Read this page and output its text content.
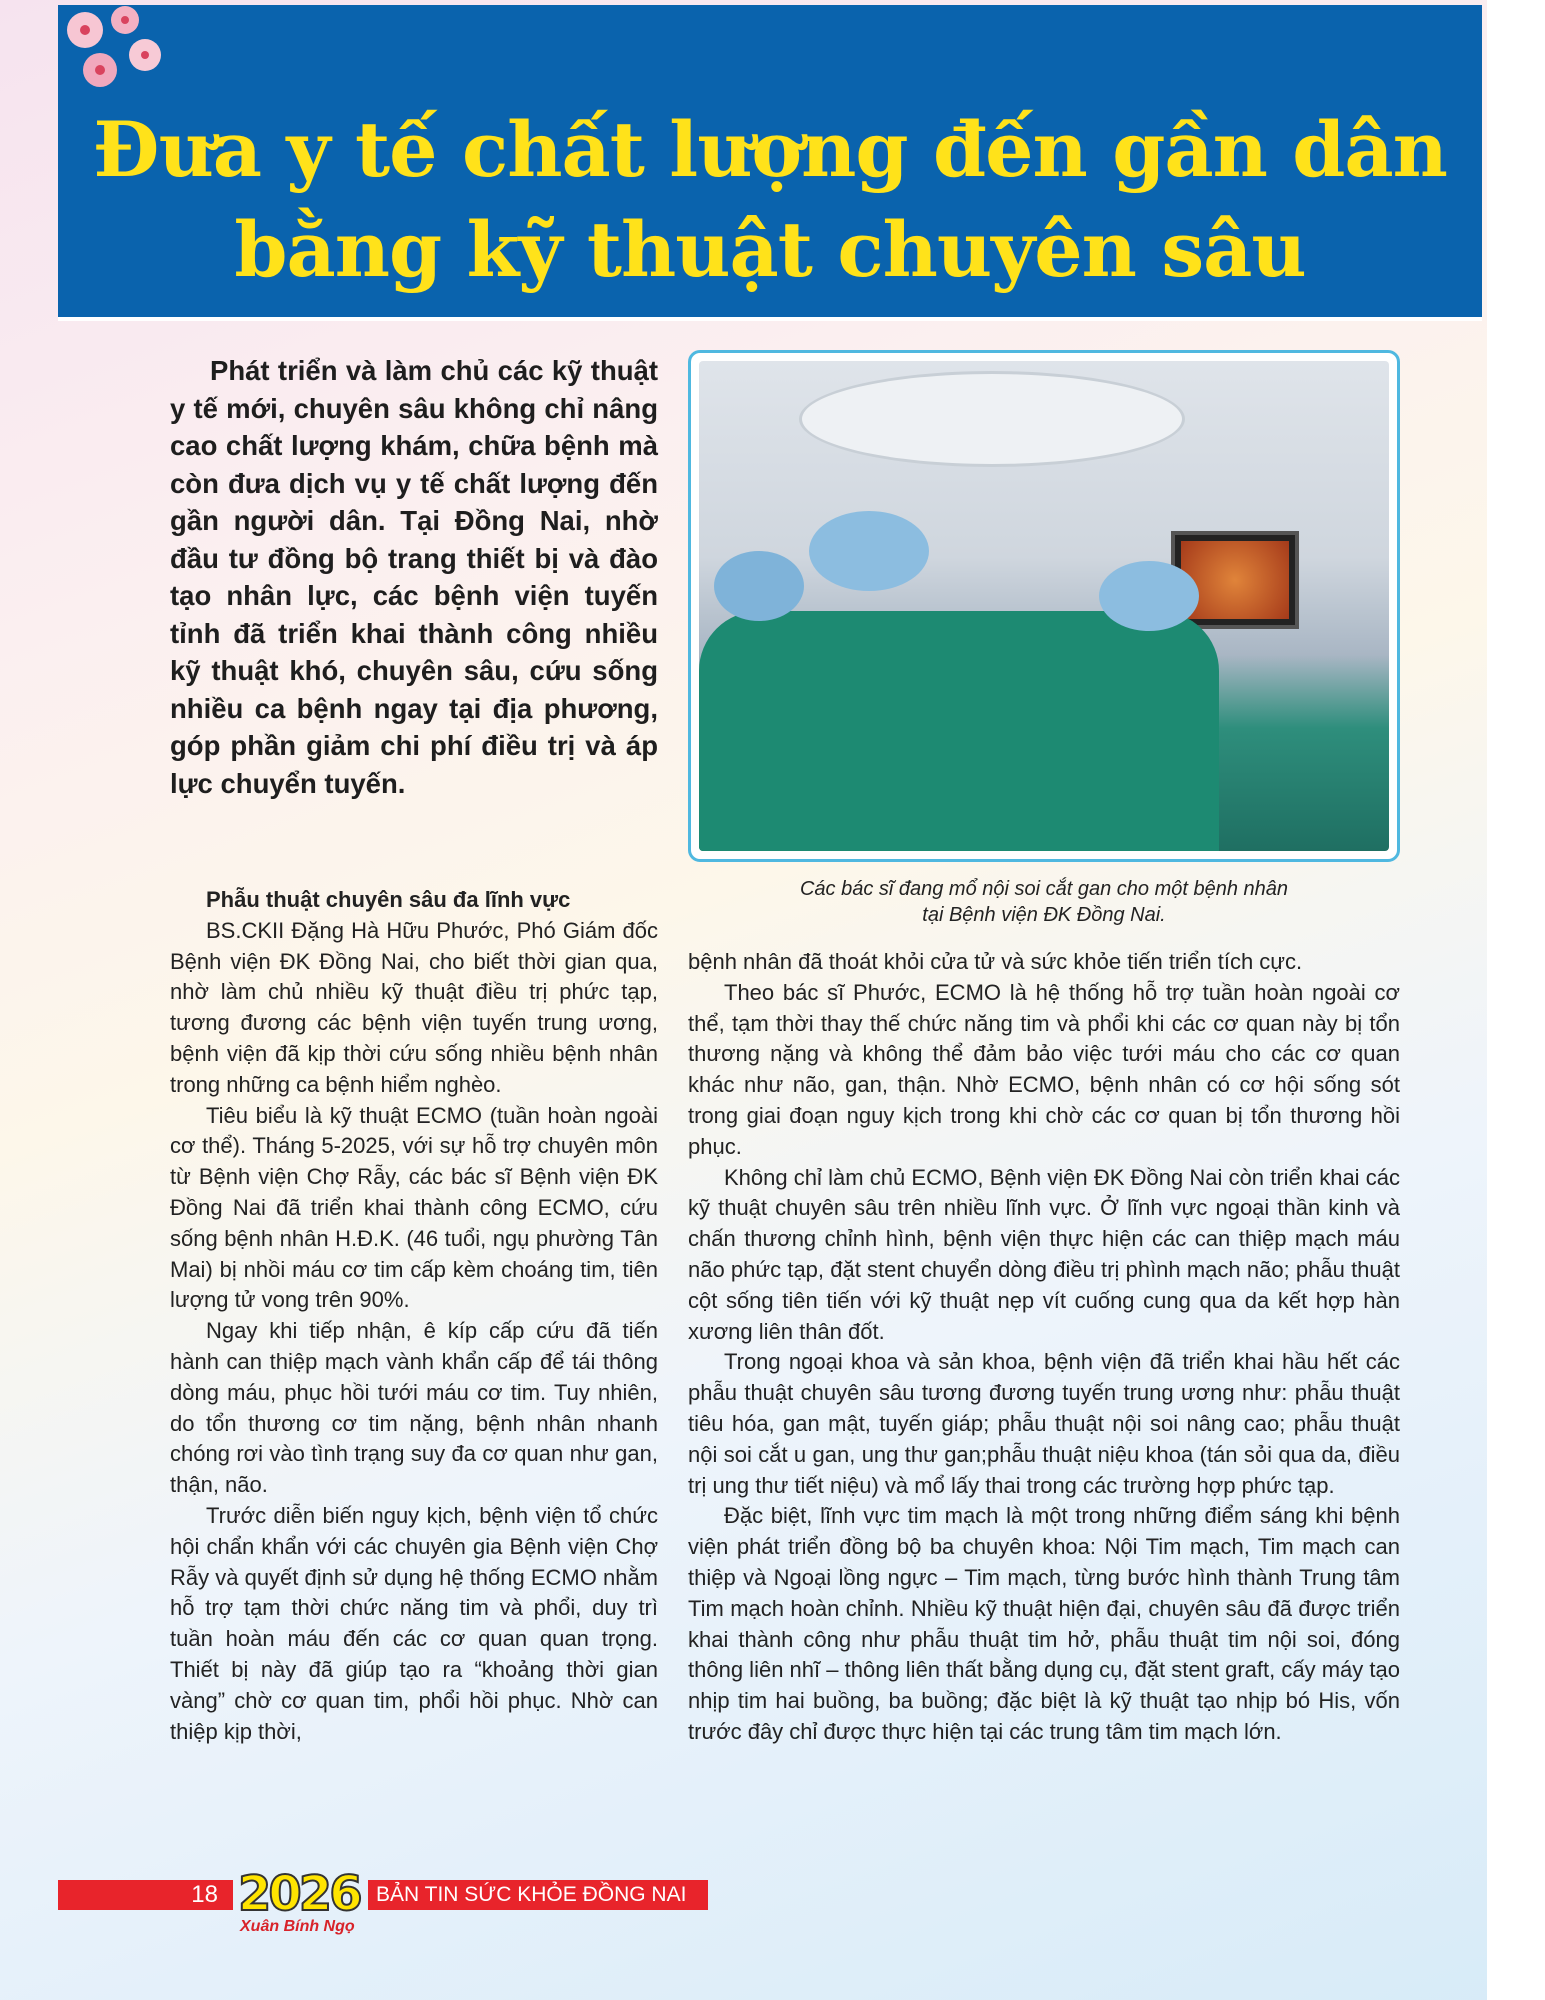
Đưa y tế chất lượng đến gần dân
bằng kỹ thuật chuyên sâu

Phát triển và làm chủ các kỹ thuật y tế mới, chuyên sâu không chỉ nâng cao chất lượng khám, chữa bệnh mà còn đưa dịch vụ y tế chất lượng đến gần người dân. Tại Đồng Nai, nhờ đầu tư đồng bộ trang thiết bị và đào tạo nhân lực, các bệnh viện tuyến tỉnh đã triển khai thành công nhiều kỹ thuật khó, chuyên sâu, cứu sống nhiều ca bệnh ngay tại địa phương, góp phần giảm chi phí điều trị và áp lực chuyển tuyến.

Các bác sĩ đang mổ nội soi cắt gan cho một bệnh nhân
tại Bệnh viện ĐK Đồng Nai.
Phẫu thuật chuyên sâu đa lĩnh vực

BS.CKII Đặng Hà Hữu Phước, Phó Giám đốc Bệnh viện ĐK Đồng Nai, cho biết thời gian qua, nhờ làm chủ nhiều kỹ thuật điều trị phức tạp, tương đương các bệnh viện tuyến trung ương, bệnh viện đã kịp thời cứu sống nhiều bệnh nhân trong những ca bệnh hiểm nghèo.

Tiêu biểu là kỹ thuật ECMO (tuần hoàn ngoài cơ thể). Tháng 5-2025, với sự hỗ trợ chuyên môn từ Bệnh viện Chợ Rẫy, các bác sĩ Bệnh viện ĐK Đồng Nai đã triển khai thành công ECMO, cứu sống bệnh nhân H.Đ.K. (46 tuổi, ngụ phường Tân Mai) bị nhồi máu cơ tim cấp kèm choáng tim, tiên lượng tử vong trên 90%.

Ngay khi tiếp nhận, ê kíp cấp cứu đã tiến hành can thiệp mạch vành khẩn cấp để tái thông dòng máu, phục hồi tưới máu cơ tim. Tuy nhiên, do tổn thương cơ tim nặng, bệnh nhân nhanh chóng rơi vào tình trạng suy đa cơ quan như gan, thận, não.

Trước diễn biến nguy kịch, bệnh viện tổ chức hội chẩn khẩn với các chuyên gia Bệnh viện Chợ Rẫy và quyết định sử dụng hệ thống ECMO nhằm hỗ trợ tạm thời chức năng tim và phổi, duy trì tuần hoàn máu đến các cơ quan quan trọng. Thiết bị này đã giúp tạo ra “khoảng thời gian vàng” chờ cơ quan tim, phổi hồi phục. Nhờ can thiệp kịp thời,

bệnh nhân đã thoát khỏi cửa tử và sức khỏe tiến triển tích cực.

Theo bác sĩ Phước, ECMO là hệ thống hỗ trợ tuần hoàn ngoài cơ thể, tạm thời thay thế chức năng tim và phổi khi các cơ quan này bị tổn thương nặng và không thể đảm bảo việc tưới máu cho các cơ quan khác như não, gan, thận. Nhờ ECMO, bệnh nhân có cơ hội sống sót trong giai đoạn nguy kịch trong khi chờ các cơ quan bị tổn thương hồi phục.

Không chỉ làm chủ ECMO, Bệnh viện ĐK Đồng Nai còn triển khai các kỹ thuật chuyên sâu trên nhiều lĩnh vực. Ở lĩnh vực ngoại thần kinh và chấn thương chỉnh hình, bệnh viện thực hiện các can thiệp mạch máu não phức tạp, đặt stent chuyển dòng điều trị phình mạch não; phẫu thuật cột sống tiên tiến với kỹ thuật nẹp vít cuống cung qua da kết hợp hàn xương liên thân đốt.

Trong ngoại khoa và sản khoa, bệnh viện đã triển khai hầu hết các phẫu thuật chuyên sâu tương đương tuyến trung ương như: phẫu thuật tiêu hóa, gan mật, tuyến giáp; phẫu thuật nội soi nâng cao; phẫu thuật nội soi cắt u gan, ung thư gan;phẫu thuật niệu khoa (tán sỏi qua da, điều trị ung thư tiết niệu) và mổ lấy thai trong các trường hợp phức tạp.

Đặc biệt, lĩnh vực tim mạch là một trong những điểm sáng khi bệnh viện phát triển đồng bộ ba chuyên khoa: Nội Tim mạch, Tim mạch can thiệp và Ngoại lồng ngực – Tim mạch, từng bước hình thành Trung tâm Tim mạch hoàn chỉnh. Nhiều kỹ thuật hiện đại, chuyên sâu đã được triển khai thành công như phẫu thuật tim hở, phẫu thuật tim nội soi, đóng thông liên nhĩ – thông liên thất bằng dụng cụ, đặt stent graft, cấy máy tạo nhịp tim hai buồng, ba buồng; đặc biệt là kỹ thuật tạo nhịp bó His, vốn trước đây chỉ được thực hiện tại các trung tâm tim mạch lớn.

18 2026
Xuân Bính Ngọ
BẢN TIN SỨC KHỎE ĐỒNG NAI
